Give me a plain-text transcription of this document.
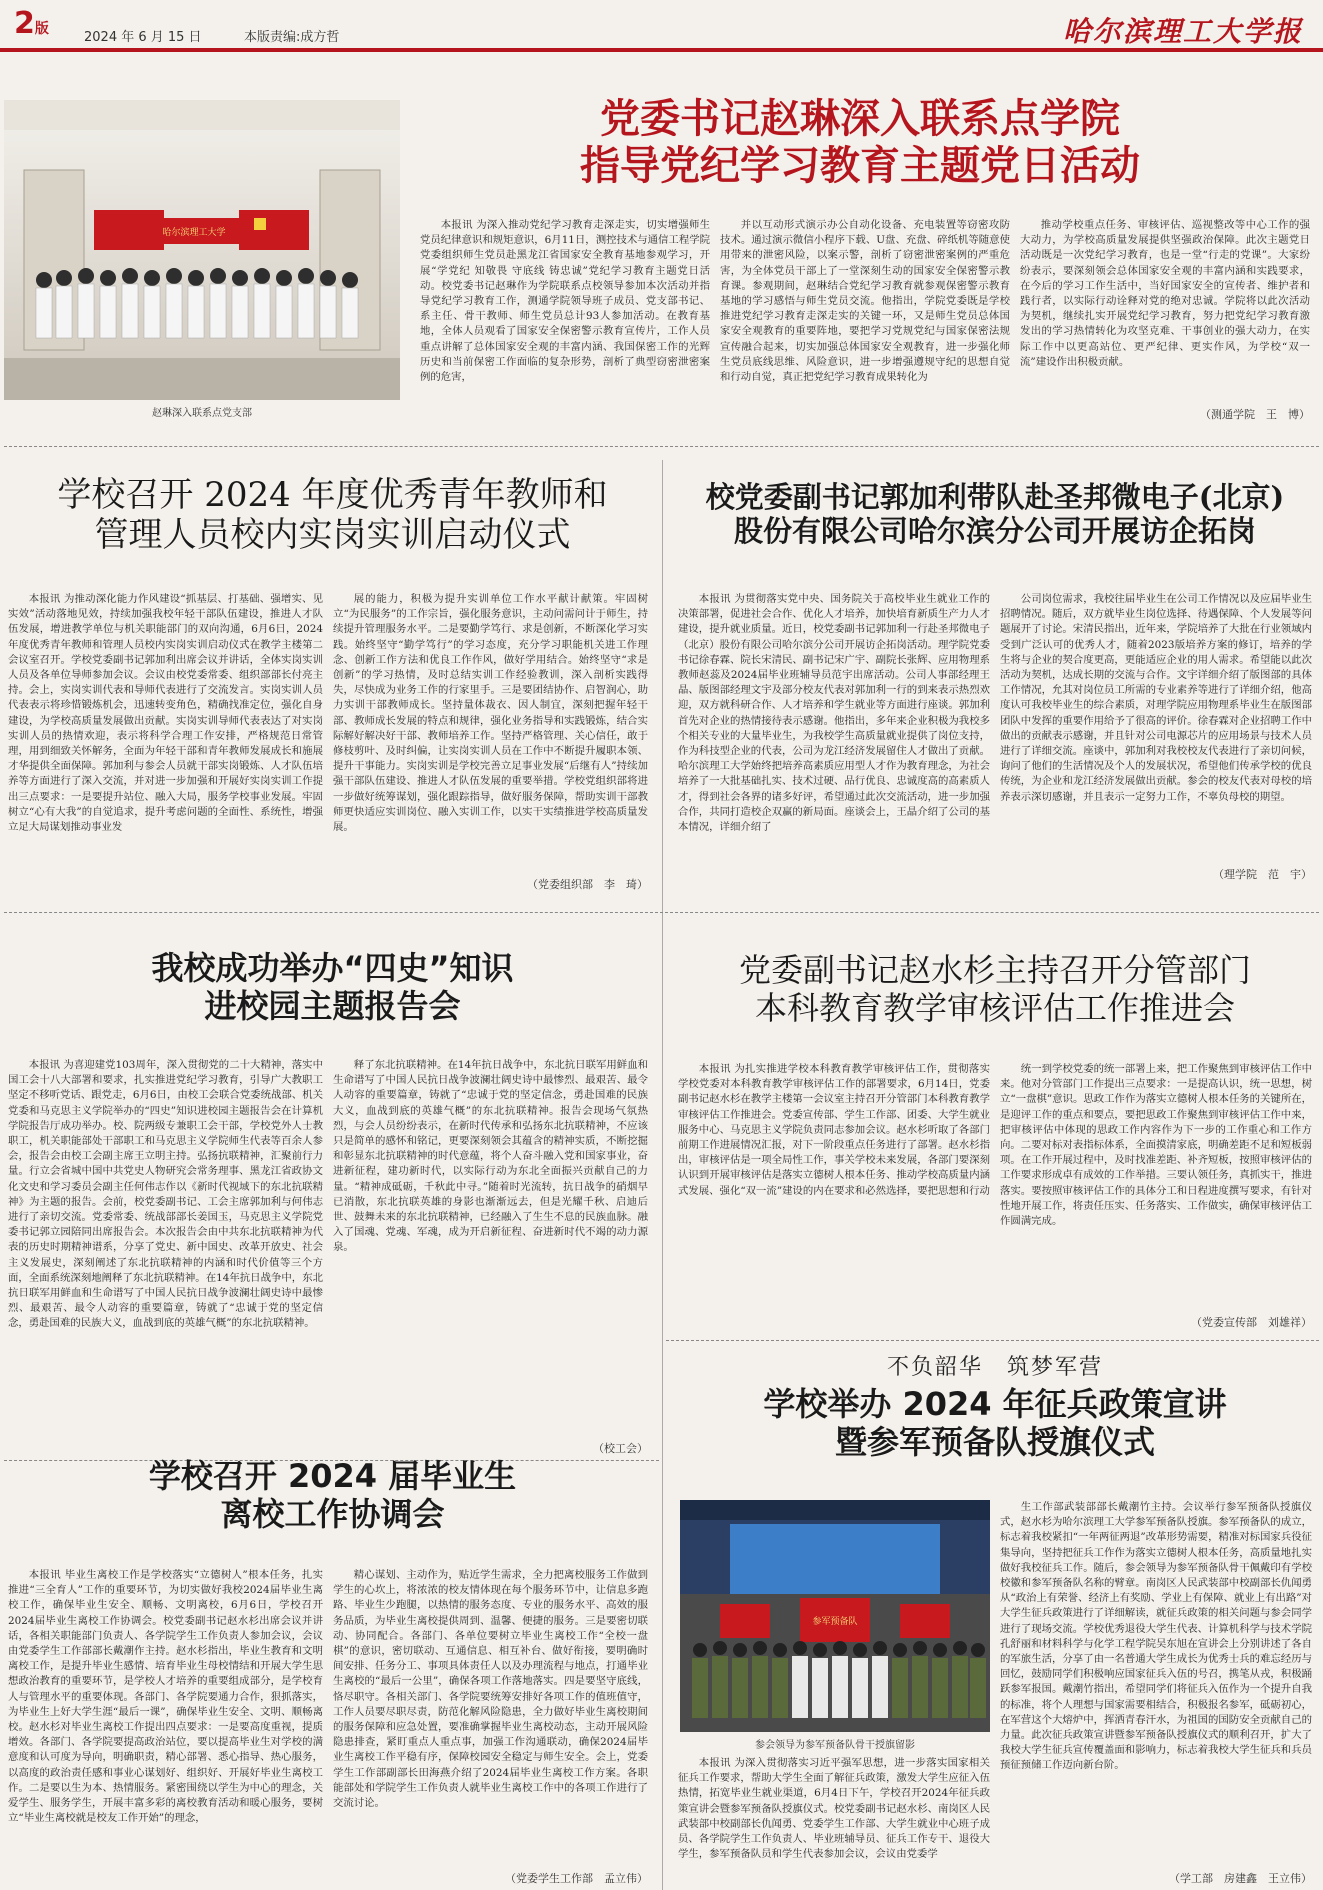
2版
2024 年 6 月 15 日	本版责编:成方哲	哈尔滨理工大学报
哈尔滨理工大学
赵琳深入联系点党支部
党委书记赵琳深入联系点学院
指导党纪学习教育主题党日活动

本报讯 为深入推动党纪学习教育走深走实，切实增强师生党员纪律意识和规矩意识，6月11日，测控技术与通信工程学院党委组织师生党员赴黑龙江省国家安全教育基地参观学习，开展“学党纪 知敬畏 守底线 铸忠诚”党纪学习教育主题党日活动。校党委书记赵琳作为学院联系点校领导参加本次活动并指导党纪学习教育工作，测通学院领导班子成员、党支部书记、系主任、骨干教师、师生党员总计93人参加活动。在教育基地，全体人员观看了国家安全保密警示教育宣传片，工作人员重点讲解了总体国家安全观的丰富内涵、我国保密工作的光辉历史和当前保密工作面临的复杂形势，剖析了典型窃密泄密案例的危害，

并以互动形式演示办公自动化设备、充电装置等窃密攻防技术。通过演示微信小程序下载、U盘、充盘、碎纸机等随意使用带来的泄密风险，以案示警，剖析了窃密泄密案例的严重危害，为全体党员干部上了一堂深刻生动的国家安全保密警示教育课。参观期间，赵琳结合党纪学习教育就参观保密警示教育基地的学习感悟与师生党员交流。他指出，学院党委既是学校推进党纪学习教育走深走实的关键一环，又是师生党员总体国家安全观教育的重要阵地，要把学习党规党纪与国家保密法规宣传融合起来，切实加强总体国家安全观教育，进一步强化师生党员底线思维、风险意识，进一步增强遵规守纪的思想自觉和行动自觉，真正把党纪学习教育成果转化为

推动学校重点任务、审核评估、巡视整改等中心工作的强大动力，为学校高质量发展提供坚强政治保障。此次主题党日活动既是一次党纪学习教育，也是一堂“行走的党课”。大家纷纷表示，要深刻领会总体国家安全观的丰富内涵和实践要求，在今后的学习工作生活中，当好国家安全的宣传者、维护者和践行者，以实际行动诠释对党的绝对忠诚。学院将以此次活动为契机，继续扎实开展党纪学习教育，努力把党纪学习教育激发出的学习热情转化为攻坚克难、干事创业的强大动力，在实际工作中以更高站位、更严纪律、更实作风，为学校“双一流”建设作出积极贡献。

（测通学院　王　博）
学校召开 2024 年度优秀青年教师和
管理人员校内实岗实训启动仪式

本报讯 为推动深化能力作风建设“抓基层、打基础、强增实、见实效”活动落地见效，持续加强我校年轻干部队伍建设，推进人才队伍发展，增进教学单位与机关职能部门的双向沟通，6月6日，2024年度优秀青年教师和管理人员校内实岗实训启动仪式在教学主楼第二会议室召开。学校党委副书记郭加利出席会议并讲话，全体实岗实训人员及各单位导师参加会议。会议由校党委常委、组织部部长付亮主持。会上，实岗实训代表和导师代表进行了交流发言。实岗实训人员代表表示将珍惜锻炼机会，迅速转变角色，精确找准定位，强化自身建设，为学校高质量发展做出贡献。实岗实训导师代表表达了对实岗实训人员的热情欢迎，表示将科学合理工作安排，严格规范日常管理，用到细致关怀解务，全面为年轻干部和青年教师发展成长和施展才华提供全面保障。郭加利与参会人员就干部实岗锻炼、人才队伍培养等方面进行了深入交流，并对进一步加强和开展好实岗实训工作提出三点要求：一是要提升站位、融入大局，服务学校事业发展。牢固树立“心有大我”的自觉追求，提升考虑问题的全面性、系统性，增强立足大局谋划推动事业发

展的能力，积极为提升实训单位工作水平献计献策。牢固树立“为民服务”的工作宗旨，强化服务意识，主动问需问计于师生，持续提升管理服务水平。二是要勤学笃行、求是创新，不断深化学习实践。始终坚守“勤学笃行”的学习态度，充分学习职能机关进工作理念、创新工作方法和优良工作作风，做好学用结合。始终坚守“求是创新”的学习热情，及时总结实训工作经验教训，深入剖析实践得失，尽快成为业务工作的行家里手。三是要团结协作、启智润心，助力实训干部教师成长。坚持量体裁衣、因人制宜，深刻把握年轻干部、教师成长发展的特点和规律，强化业务指导和实践锻炼，结合实际解好解决好干部、教师培养工作。坚持严格管理、关心信任，敢于修枝剪叶、及时纠偏，让实岗实训人员在工作中不断提升履职本领、提升干事能力。实岗实训是学校完善立足事业发展“后继有人”持续加强干部队伍建设、推进人才队伍发展的重要举措。学校党组织部将进一步做好统筹谋划，强化跟踪指导，做好服务保障，帮助实训干部教师更快适应实训岗位、融入实训工作，以实干实绩推进学校高质量发展。

（党委组织部　李　琦）
校党委副书记郭加利带队赴圣邦微电子(北京)
股份有限公司哈尔滨分公司开展访企拓岗

本报讯 为贯彻落实党中央、国务院关于高校毕业生就业工作的决策部署，促进社会合作、优化人才培养，加快培育新质生产力人才建设，提升就业质量。近日，校党委副书记郭加利一行赴圣邦微电子（北京）股份有限公司哈尔滨分公司开展访企拓岗活动。理学院党委书记徐春霖、院长宋清民、副书记宋广宇、副院长张辉、应用物理系教师赵蕊及2024届毕业班辅导员范宇出席活动。公司人事部经理王晶、版图部经理文宇及部分校友代表对郭加利一行的到来表示热烈欢迎，双方就科研合作、人才培养和学生就业等方面进行座谈。郭加利首先对企业的热情接待表示感谢。他指出，多年来企业积极为我校多个相关专业的大量毕业生，为我校学生高质量就业提供了岗位支持，作为科技型企业的代表，公司为龙江经济发展留住人才做出了贡献。哈尔滨理工大学始终把培养高素质应用型人才作为教育理念，为社会培养了一大批基础扎实、技术过硬、品行优良、忠诚度高的高素质人才，得到社会各界的诸多好评，希望通过此次交流活动，进一步加强合作，共同打造校企双赢的新局面。座谈会上，王晶介绍了公司的基本情况，详细介绍了

公司岗位需求，我校往届毕业生在公司工作情况以及应届毕业生招聘情况。随后，双方就毕业生岗位选择、待遇保障、个人发展等问题展开了讨论。宋清民指出，近年来，学院培养了大批在行业领域内受到广泛认可的优秀人才，随着2023版培养方案的修订，培养的学生将与企业的契合度更高，更能适应企业的用人需求。希望能以此次活动为契机，达成长期的交流与合作。文宇详细介绍了版图部的具体工作情况，允其对岗位员工所需的专业素养等进行了详细介绍，他高度认可我校毕业生的综合素质，对理学院应用物理系毕业生在版图部团队中发挥的重要作用给予了很高的评价。徐春霖对企业招聘工作中做出的贡献表示感谢，并且针对公司电源芯片的应用场景与技术人员进行了详细交流。座谈中，郭加利对我校校友代表进行了亲切问候，询问了他们的生活情况及个人的发展状况，希望他们传承学校的优良传统，为企业和龙江经济发展做出贡献。参会的校友代表对母校的培养表示深切感谢，并且表示一定努力工作，不辜负母校的期望。

（理学院　范　宇）
我校成功举办“四史”知识
进校园主题报告会

本报讯 为喜迎建党103周年，深入贯彻党的二十大精神，落实中国工会十八大部署和要求，扎实推进党纪学习教育，引导广大教职工坚定不移听党话、跟党走，6月6日，由校工会联合党委统战部、机关党委和马克思主义学院举办的“四史”知识进校园主题报告会在计算机学院报告厅成功举办。校、院两级专兼职工会干部，学校党外人士教职工，机关职能部处干部职工和马克思主义学院师生代表等百余人参会，报告会由校工会副主席王立明主持。弘扬抗联精神，汇聚前行力量。行立会省城中国中共党史人物研究会常务理事、黑龙江省政协文化文史和学习委员会副主任何伟志作以《新时代视域下的东北抗联精神》为主题的报告。会前，校党委副书记、工会主席郭加利与何伟志进行了亲切交流。党委常委、统战部部长姜国玉，马克思主义学院党委书记郭立园陪同出席报告会。本次报告会由中共东北抗联精神为代表的历史时期精神谱系，分享了党史、新中国史、改革开放史、社会主义发展史，深刻阐述了东北抗联精神的内涵和时代价值等三个方面，全面系统深刻地阐释了东北抗联精神。在14年抗日战争中，东北抗日联军用鲜血和生命谱写了中国人民抗日战争波澜壮阔史诗中最惨烈、最艰苦、最令人动容的重要篇章，铸就了“忠诚于党的坚定信念，勇赴国难的民族大义，血战到底的英雄气概”的东北抗联精神。

释了东北抗联精神。在14年抗日战争中，东北抗日联军用鲜血和生命谱写了中国人民抗日战争波澜壮阔史诗中最惨烈、最艰苦、最令人动容的重要篇章，铸就了“忠诚于党的坚定信念，勇赴国难的民族大义，血战到底的英雄气概”的东北抗联精神。报告会现场气氛热烈，与会人员纷纷表示，在新时代传承和弘扬东北抗联精神，不应该只是简单的感怀和铭记，更要深刻领会其蕴含的精神实质，不断挖掘和彰显东北抗联精神的时代意蕴，将个人奋斗融入党和国家事业，奋进新征程，建功新时代，以实际行动为东北全面振兴贡献自己的力量。“精神成砥砺，千秋此中寻。”随着时光流转，抗日战争的硝烟早已消散，东北抗联英雄的身影也渐渐远去，但是光耀千秋、启迪后世、鼓舞未来的东北抗联精神，已经融入了生生不息的民族血脉。融入了国魂、党魂、军魂，成为开启新征程、奋进新时代不竭的动力源泉。

（校工会）
党委副书记赵水杉主持召开分管部门
本科教育教学审核评估工作推进会

本报讯 为扎实推进学校本科教育教学审核评估工作，贯彻落实学校党委对本科教育教学审核评估工作的部署要求，6月14日，党委副书记赵水杉在教学主楼第一会议室主持召开分管部门本科教育教学审核评估工作推进会。党委宣传部、学生工作部、团委、大学生就业服务中心、马克思主义学院负责同志参加会议。赵水杉听取了各部门前期工作进展情况汇报，对下一阶段重点任务进行了部署。赵水杉指出，审核评估是一项全局性工作，事关学校未来发展，各部门要深刻认识到开展审核评估是落实立德树人根本任务、推动学校高质量内涵式发展、强化“双一流”建设的内在要求和必然选择，要把思想和行动

统一到学校党委的统一部署上来，把工作聚焦到审核评估工作中来。他对分管部门工作提出三点要求：一是提高认识，统一思想，树立“一盘棋”意识。思政工作作为落实立德树人根本任务的关键所在，是迎评工作的重点和要点，要把思政工作聚焦到审核评估工作中来，把审核评估中体现的思政工作内容作为下一步的工作重心和工作方向。二要对标对表指标体系，全面摸清家底，明确差距不足和短板弱项。在工作开展过程中，及时找准差距、补齐短板，按照审核评估的工作要求形成卓有成效的工作举措。三要认领任务，真抓实干，推进落实。要按照审核评估工作的具体分工和日程进度撰写要求，有针对性地开展工作，将责任压实、任务落实、工作做实，确保审核评估工作圆满完成。

（党委宣传部　刘雄祥）
学校召开 2024 届毕业生
离校工作协调会

本报讯 毕业生离校工作是学校落实“立德树人”根本任务，扎实推进“三全育人”工作的重要环节，为切实做好我校2024届毕业生离校工作，确保毕业生安全、顺畅、文明离校，6月6日，学校召开2024届毕业生离校工作协调会。校党委副书记赵水杉出席会议并讲话，各相关职能部门负责人、各学院学生工作负责人参加会议，会议由党委学生工作部部长戴潮作主持。赵水杉指出，毕业生教育和文明离校工作，是提升毕业生感情、培育毕业生母校情结和开展大学生思想政治教育的重要环节，是学校人才培养的重要组成部分，是学校育人与管理水平的重要体现。各部门、各学院要通力合作，狠抓落实，为毕业生上好大学生涯“最后一课”，确保毕业生安全、文明、顺畅离校。赵水杉对毕业生离校工作提出四点要求：一是要高度重视，提质增效。各部门、各学院要提高政治站位，要以提高毕业生对学校的满意度和认可度为导向，明确职责，精心部署、悉心指导、热心服务，以高度的政治责任感和事业心谋划好、组织好、开展好毕业生离校工作。二是要以生为本、热情服务。紧密围绕以学生为中心的理念，关爱学生、服务学生，开展丰富多彩的离校教育活动和暖心服务，要树立“毕业生离校就是校友工作开始”的理念，

精心谋划、主动作为，贴近学生需求，全力把离校服务工作做到学生的心坎上，将浓浓的校友情体现在每个服务环节中，让信息多跑路、毕业生少跑腿，以热情的服务态度、专业的服务水平、高效的服务品质，为毕业生离校提供周到、温馨、便捷的服务。三是要密切联动、协同配合。各部门、各单位要树立毕业生离校工作“全校一盘棋”的意识，密切联动、互通信息、相互补台、做好衔接，要明确时间安排、任务分工、事项具体责任人以及办理流程与地点，打通毕业生离校的“最后一公里”，确保各项工作落地落实。四是要坚守底线，恪尽职守。各相关部门、各学院要统筹安排好各项工作的值班值守，工作人员要尽职尽责，防范化解风险隐患，全力做好毕业生离校期间的服务保障和应急处置，要准确掌握毕业生离校动态，主动开展风险隐患排查，紧盯重点人重点事，加强工作沟通联动，确保2024届毕业生离校工作平稳有序，保障校园安全稳定与师生安全。会上，党委学生工作部副部长田海燕介绍了2024届毕业生离校工作方案。各职能部处和学院学生工作负责人就毕业生离校工作中的各项工作进行了交流讨论。

（党委学生工作部　孟立伟）
不负韶华　筑梦军营
学校举办 2024 年征兵政策宣讲
暨参军预备队授旗仪式
参军预备队
参会领导为参军预备队骨干授旗留影

生工作部武装部部长戴潮竹主持。会议举行参军预备队授旗仪式，赵水杉为哈尔滨理工大学参军预备队授旗。参军预备队的成立，标志着我校紧扣“一年两征两退”改革形势需要，精准对标国家兵役征集导向，坚持把征兵工作作为落实立德树人根本任务，高质量地扎实做好我校征兵工作。随后，参会领导为参军预备队骨干佩戴印有学校校徽和参军预备队名称的臂章。南岗区人民武装部中校副部长仇闻勇从“政治上有荣誉、经济上有奖励、学业上有保障、就业上有出路”对大学生征兵政策进行了详细解读，就征兵政策的相关问题与参会同学进行了现场交流。学校优秀退役大学生代表、计算机科学与技术学院孔舒丽和材料科学与化学工程学院吴东旭在宣讲会上分别讲述了各自的军旅生活，分享了由一名普通大学生成长为优秀士兵的难忘经历与回忆，鼓励同学们积极响应国家征兵入伍的号召，携笔从戎，积极踊跃参军报国。戴潮竹指出，希望同学们将征兵入伍作为一个提升自我的标准，将个人理想与国家需要相结合，积极报名参军，砥砺初心，在军营这个大熔炉中，挥洒青春汗水，为祖国的国防安全贡献自己的力量。此次征兵政策宣讲暨参军预备队授旗仪式的顺利召开，扩大了我校大学生征兵宣传覆盖面和影响力，标志着我校大学生征兵和兵员预征预储工作迈向新台阶。

本报讯 为深入贯彻落实习近平强军思想，进一步落实国家相关征兵工作要求，帮助大学生全面了解征兵政策，激发大学生应征入伍热情，拓宽毕业生就业渠道，6月4日下午，学校召开2024年征兵政策宣讲会暨参军预备队授旗仪式。校党委副书记赵水杉、南岗区人民武装部中校副部长仇闻勇、党委学生工作部、大学生就业中心班子成员、各学院学生工作负责人、毕业班辅导员、征兵工作专干、退役大学生，参军预备队员和学生代表参加会议，会议由党委学

（学工部　房建鑫　王立伟）
